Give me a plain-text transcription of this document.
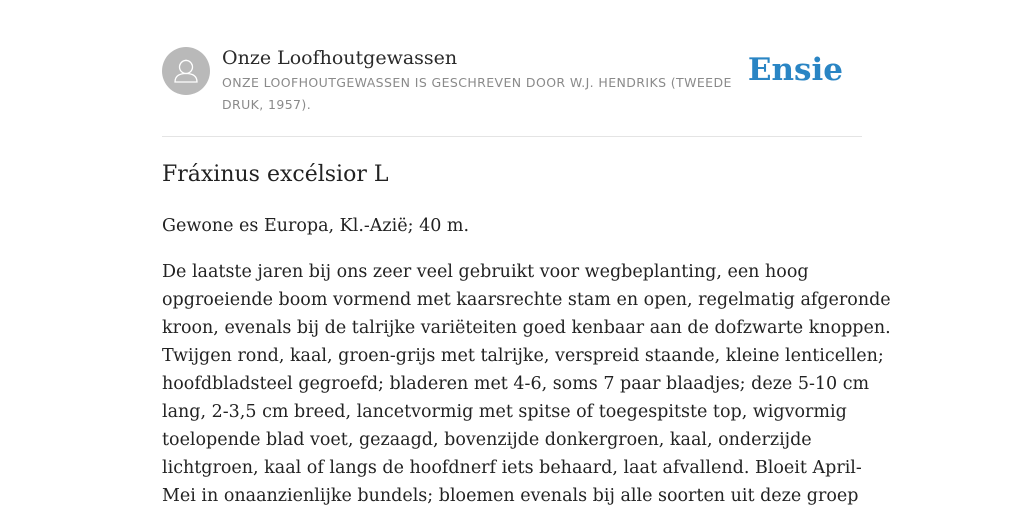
Onze Loofhoutgewassen
ONZE LOOFHOUTGEWASSEN IS GESCHREVEN DOOR W.J. HENDRIKS (TWEEDE DRUK, 1957).
Ensie
Fráxinus excélsior L

Gewone es Europa, Kl.-Azië; 40 m.

De laatste jaren bij ons zeer veel gebruikt voor wegbeplanting, een hoog
opgroeiende boom vormend met kaarsrechte stam en open, regelmatig afgeronde
kroon, evenals bij de talrijke variëteiten goed kenbaar aan de dofzwarte knoppen.
Twijgen rond, kaal, groen-grijs met talrijke, verspreid staande, kleine lenticellen;
hoofdbladsteel gegroefd; bladeren met 4-6, soms 7 paar blaadjes; deze 5-10 cm
lang, 2-3,5 cm breed, lancetvormig met spitse of toegespitste top, wigvormig
toelopende blad voet, gezaagd, bovenzijde donkergroen, kaal, onderzijde
lichtgroen, kaal of langs de hoofdnerf iets behaard, laat afvallend. Bloeit April-
Mei in onaanzienlijke bundels; bloemen evenals bij alle soorten uit deze groep
